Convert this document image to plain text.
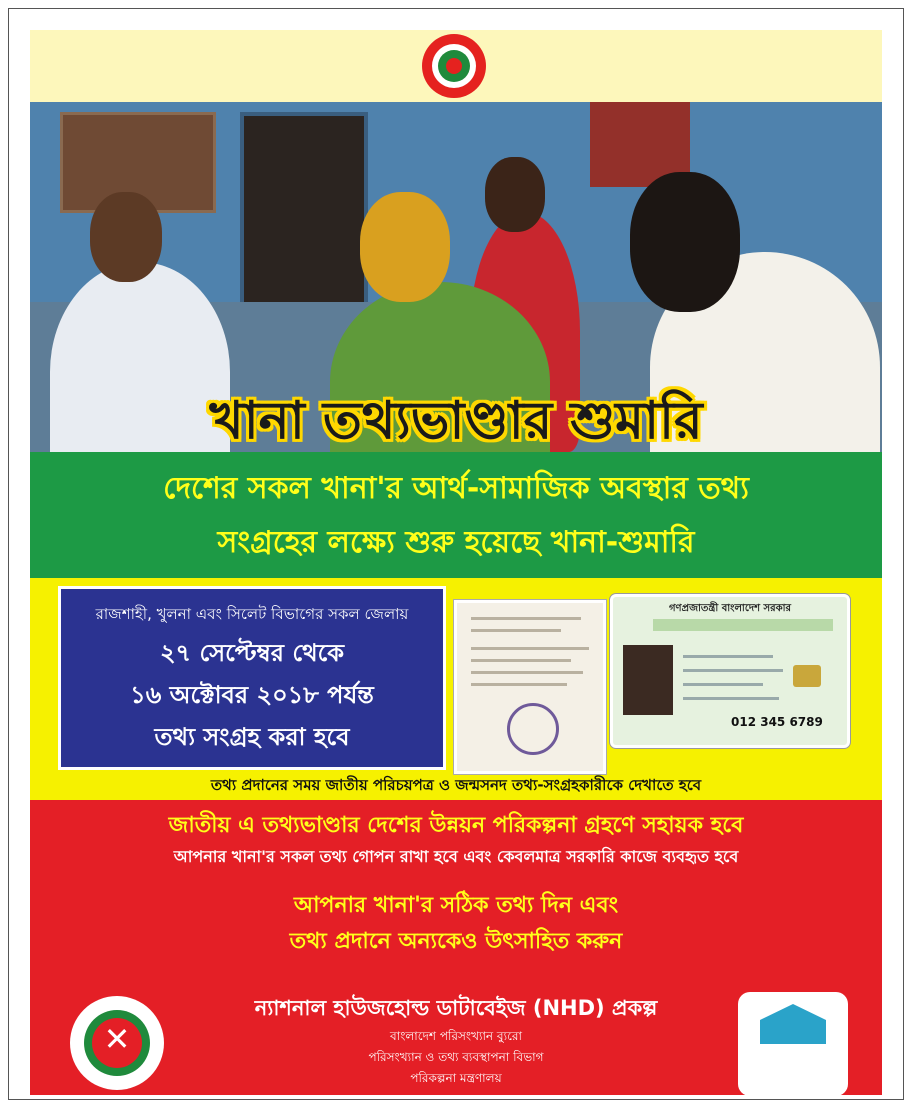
খানা তথ্যভাণ্ডার শুমারি
দেশের সকল খানা'র আর্থ-সামাজিক অবস্থার তথ্য
সংগ্রহের লক্ষ্যে শুরু হয়েছে খানা-শুমারি
রাজশাহী, খুলনা এবং সিলেট বিভাগের সকল জেলায়
২৭ সেপ্টেম্বর থেকে
১৬ অক্টোবর ২০১৮ পর্যন্ত
তথ্য সংগ্রহ করা হবে
গণপ্রজাতন্ত্রী বাংলাদেশ সরকার
012 345 6789
তথ্য প্রদানের সময় জাতীয় পরিচয়পত্র ও জন্মসনদ তথ্য-সংগ্রহকারীকে দেখাতে হবে
জাতীয় এ তথ্যভাণ্ডার দেশের উন্নয়ন পরিকল্পনা গ্রহণে সহায়ক হবে
আপনার খানা'র সকল তথ্য গোপন রাখা হবে এবং কেবলমাত্র সরকারি কাজে ব্যবহৃত হবে
আপনার খানা'র সঠিক তথ্য দিন এবং
তথ্য প্রদানে অন্যকেও উৎসাহিত করুন
✕
ন্যাশনাল হাউজহোল্ড ডাটাবেইজ (NHD) প্রকল্প
বাংলাদেশ পরিসংখ্যান ব্যুরো
পরিসংখ্যান ও তথ্য ব্যবস্থাপনা বিভাগ
পরিকল্পনা মন্ত্রণালয়
